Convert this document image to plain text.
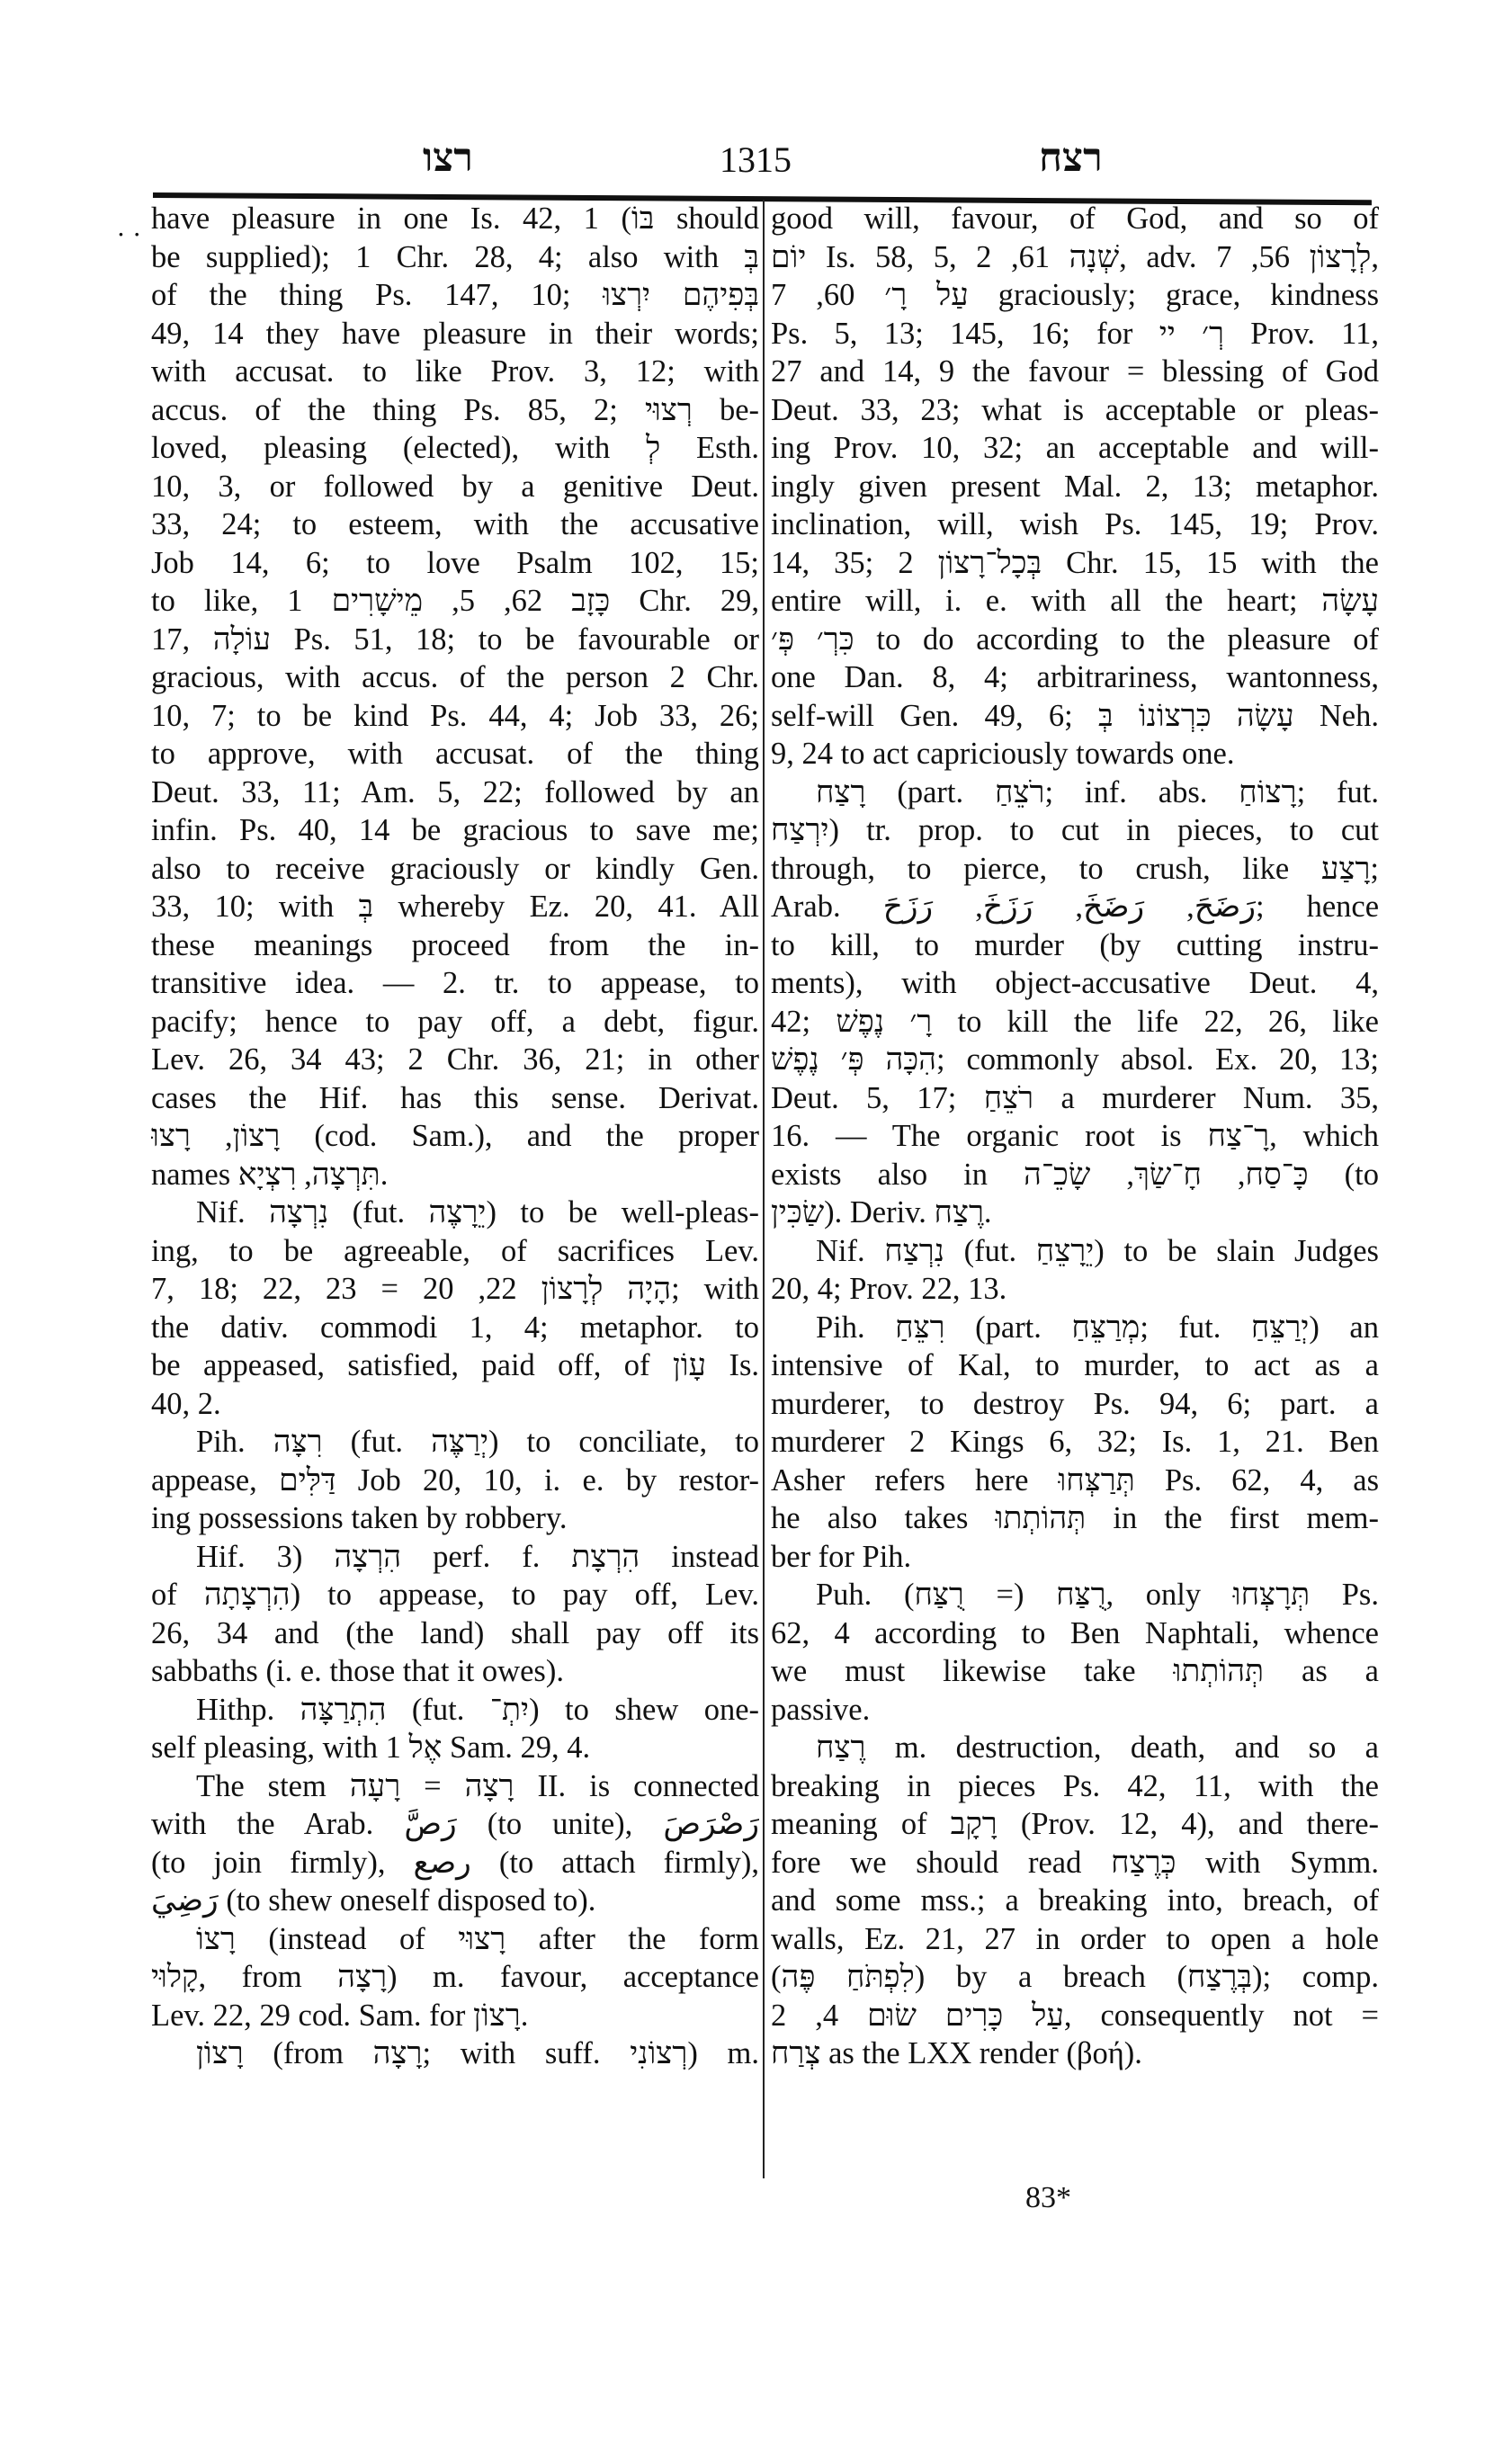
רצו	1315	רצח
. . have pleasure in one Is. 42, 1 (בּוֹ should
be supplied); 1 Chr. 28, 4; also with בְּ
of the thing Ps. 147, 10; בְּפִיהֶם יִרְצוּ
49, 14 they have pleasure in their words;
with accusat. to like Prov. 3, 12; with
accus. of the thing Ps. 85, 2; רְצוּי be-
loved, pleasing (elected), with לְ Esth.
10, 3, or followed by a genitive Deut.
33, 24; to esteem, with the accusative
Job 14, 6; to love Psalm 102, 15;
to like, כָּזָב 62, 5, מֵישָׁרִים 1 Chr. 29,
17, עוֹלָה Ps. 51, 18; to be favourable or
gracious, with accus. of the person 2 Chr.
10, 7; to be kind Ps. 44, 4; Job 33, 26;
to approve, with accusat. of the thing
Deut. 33, 11; Am. 5, 22; followed by an
infin. Ps. 40, 14 be gracious to save me;
also to receive graciously or kindly Gen.
33, 10; with בְּ whereby Ez. 20, 41. All
these meanings proceed from the in-
transitive idea. — 2. tr. to appease, to
pacify; hence to pay off, a debt, figur.
Lev. 26, 34 43; 2 Chr. 36, 21; in other
cases the Hif. has this sense. Derivat.
רָצוֹן, רָצוּ (cod. Sam.), and the proper
names תִּרְצָה, רִצְיָא.
Nif. נִרְצָה (fut. יֵרָצֶה) to be well-pleas-
ing, to be agreeable, of sacrifices Lev.
7, 18; 22, 23 = הָיָה לְרָצוֹן 22, 20; with
the dativ. commodi 1, 4; metaphor. to
be appeased, satisfied, paid off, of עָוֹן Is.
40, 2.
Pih. רִצָּה (fut. יְרַצֶּה) to conciliate, to
appease, דַּלִּים Job 20, 10, i. e. by restor-
ing possessions taken by robbery.
Hif. הִרְצָה (3 perf. f. הִרְצָת instead
of הִרְצָתָה) to appease, to pay off, Lev.
26, 34 and (the land) shall pay off its
sabbaths (i. e. those that it owes).
Hithp. הִתְרַצָּה (fut. יִתְ־) to shew one-
self pleasing, with אֶל 1 Sam. 29, 4.
The stem רָצָה = רָעָה II. is connected
with the Arab. رَصَّ (to unite), رَصْرَصَ
(to join firmly), رصع (to attach firmly),
رَضِيَ (to shew oneself disposed to).
רָצוֹ (instead of רָצוּי after the form
קָלוּי, from רָצָה) m. favour, acceptance
Lev. 22, 29 cod. Sam. for רָצוֹן.
רָצוֹן (from רָצָה; with suff. רְצוֹנִי) m.
good will, favour, of God, and so of
יוֹם Is. 58, 5, שְׁנָה 61, 2, adv. לְרָצוֹן 56, 7,
עַל רָ׳ 60, 7 graciously; grace, kindness
Ps. 5, 13; 145, 16; for רְ׳ יי Prov. 11,
27 and 14, 9 the favour = blessing of God
Deut. 33, 23; what is acceptable or pleas-
ing Prov. 10, 32; an acceptable and will-
ingly given present Mal. 2, 13; metaphor.
inclination, will, wish Ps. 145, 19; Prov.
14, 35; בְּכָל־רָצוֹן 2 Chr. 15, 15 with the
entire will, i. e. with all the heart; עָשָׂה
כִּרְ׳ פְּ׳ to do according to the pleasure of
one Dan. 8, 4; arbitrariness, wantonness,
self-will Gen. 49, 6; עָשָׂה כִּרְצוֹנוֹ בְּ Neh.
9, 24 to act capriciously towards one.
רָצַח (part. רֹצֵחַ; inf. abs. רָצוֹחַ; fut.
יִרְצַח) tr. prop. to cut in pieces, to cut
through, to pierce, to crush, like רָצַע;
Arab. رَضَحَ, رَضَخَ, رَزَخَ, رَزَحَ; hence
to kill, to murder (by cutting instru-
ments), with object-accusative Deut. 4,
42; רָ׳ נֶפֶשׁ to kill the life 22, 26, like
הִכָּה פְּ׳ נֶפֶשׁ; commonly absol. Ex. 20, 13;
Deut. 5, 17; רֹצֵחַ a murderer Num. 35,
16. — The organic root is רָ־צַח, which
exists also in כָּ־סַח, חָ־שַׂךְ, שָׂכֵ־ה (to
שַׂכִּין). Deriv. רֶצַח.
Nif. נִרְצַח (fut. יֵרָצֵחַ) to be slain Judges
20, 4; Prov. 22, 13.
Pih. רִצֵּחַ (part. מְרַצֵּחַ; fut. יְרַצֵּחַ) an
intensive of Kal, to murder, to act as a
murderer, to destroy Ps. 94, 6; part. a
murderer 2 Kings 6, 32; Is. 1, 21. Ben
Asher refers here תְּרַצְּחוּ Ps. 62, 4, as
he also takes תְּהוֹתְתוּ in the first mem-
ber for Pih.
Puh. רֻצַּח (= רֻצַּח), only תְּרָצְּחוּ Ps.
62, 4 according to Ben Naphtali, whence
we must likewise take תְּהוֹתְתוּ as a
passive.
רֶצַח m. destruction, death, and so a
breaking in pieces Ps. 42, 11, with the
meaning of רָקָב (Prov. 12, 4), and there-
fore we should read כְּרֶצַח with Symm.
and some mss.; a breaking into, breach, of
walls, Ez. 21, 27 in order to open a hole
(לִפְתֹּחַ פֶּה) by a breach (בְּרֶצַח); comp.
עַל כָּרִים שׂוּם 4, 2, consequently not =
צְרַח as the LXX render (βοή).
83*
